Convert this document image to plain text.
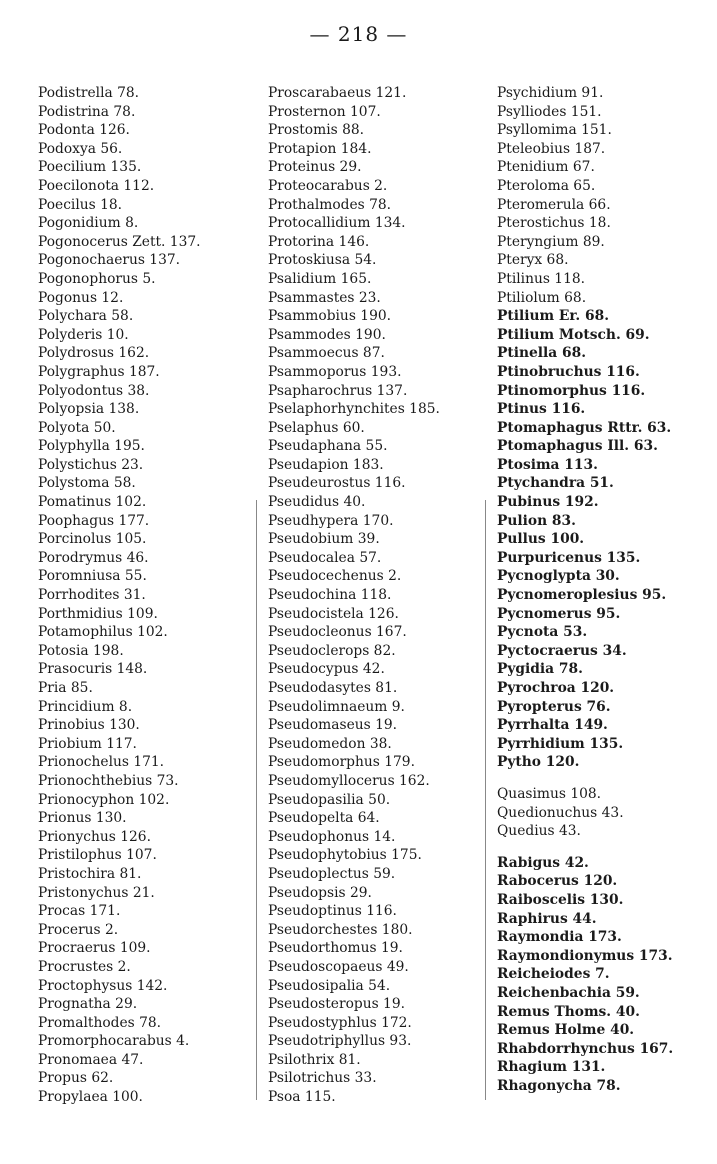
— 218 —
Podistrella 78.
Podistrina 78.
Podonta 126.
Podoxya 56.
Poecilium 135.
Poecilonota 112.
Poecilus 18.
Pogonidium 8.
Pogonocerus Zett. 137.
Pogonochaerus 137.
Pogonophorus 5.
Pogonus 12.
Polychara 58.
Polyderis 10.
Polydrosus 162.
Polygraphus 187.
Polyodontus 38.
Polyopsia 138.
Polyota 50.
Polyphylla 195.
Polystichus 23.
Polystoma 58.
Pomatinus 102.
Poophagus 177.
Porcinolus 105.
Porodrymus 46.
Poromniusa 55.
Porrhodites 31.
Porthmidius 109.
Potamophilus 102.
Potosia 198.
Prasocuris 148.
Pria 85.
Princidium 8.
Prinobius 130.
Priobium 117.
Prionochelus 171.
Prionochthebius 73.
Prionocyphon 102.
Prionus 130.
Prionychus 126.
Pristilophus 107.
Pristochira 81.
Pristonychus 21.
Procas 171.
Procerus 2.
Procraerus 109.
Procrustes 2.
Proctophysus 142.
Prognatha 29.
Promalthodes 78.
Promorphocarabus 4.
Pronomaea 47.
Propus 62.
Propylaea 100.
Proscarabaeus 121.
Prosternon 107.
Prostomis 88.
Protapion 184.
Proteinus 29.
Proteocarabus 2.
Prothalmodes 78.
Protocallidium 134.
Protorina 146.
Protoskiusa 54.
Psalidium 165.
Psammastes 23.
Psammobius 190.
Psammodes 190.
Psammoecus 87.
Psammoporus 193.
Psapharochrus 137.
Pselaphorhynchites 185.
Pselaphus 60.
Pseudaphana 55.
Pseudapion 183.
Pseudeurostus 116.
Pseudidus 40.
Pseudhypera 170.
Pseudobium 39.
Pseudocalea 57.
Pseudocechenus 2.
Pseudochina 118.
Pseudocistela 126.
Pseudocleonus 167.
Pseudoclerops 82.
Pseudocypus 42.
Pseudodasytes 81.
Pseudolimnaeum 9.
Pseudomaseus 19.
Pseudomedon 38.
Pseudomorphus 179.
Pseudomyllocerus 162.
Pseudopasilia 50.
Pseudopelta 64.
Pseudophonus 14.
Pseudophytobius 175.
Pseudoplectus 59.
Pseudopsis 29.
Pseudoptinus 116.
Pseudorchestes 180.
Pseudorthomus 19.
Pseudoscopaeus 49.
Pseudosipalia 54.
Pseudosteropus 19.
Pseudostyphlus 172.
Pseudotriphyllus 93.
Psilothrix 81.
Psilotrichus 33.
Psoa 115.
Psychidium 91.
Psylliodes 151.
Psyllomima 151.
Pteleobius 187.
Ptenidium 67.
Pteroloma 65.
Pteromerula 66.
Pterostichus 18.
Pteryngium 89.
Pteryx 68.
Ptilinus 118.
Ptiliolum 68.
Ptilium Er. 68.
Ptilium Motsch. 69.
Ptinella 68.
Ptinobruchus 116.
Ptinomorphus 116.
Ptinus 116.
Ptomaphagus Rttr. 63.
Ptomaphagus Ill. 63.
Ptosima 113.
Ptychandra 51.
Pubinus 192.
Pulion 83.
Pullus 100.
Purpuricenus 135.
Pycnoglypta 30.
Pycnomeroplesius 95.
Pycnomerus 95.
Pycnota 53.
Pyctocraerus 34.
Pygidia 78.
Pyrochroa 120.
Pyropterus 76.
Pyrrhalta 149.
Pyrrhidium 135.
Pytho 120.
Quasimus 108.
Quedionuchus 43.
Quedius 43.
Rabigus 42.
Rabocerus 120.
Raiboscelis 130.
Raphirus 44.
Raymondia 173.
Raymondionymus 173.
Reicheiodes 7.
Reichenbachia 59.
Remus Thoms. 40.
Remus Holme 40.
Rhabdorrhynchus 167.
Rhagium 131.
Rhagonycha 78.
